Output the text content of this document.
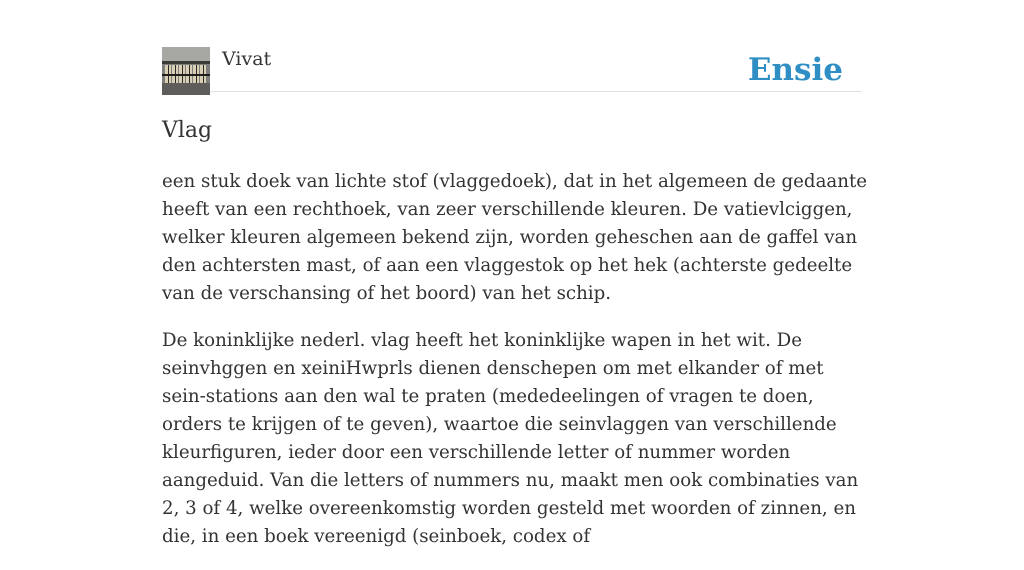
Vivat	Ensie
Vlag

een stuk doek van lichte stof (vlaggedoek), dat in het algemeen de gedaante heeft van een rechthoek, van zeer verschillende kleuren. De vatievlciggen, welker kleuren algemeen bekend zijn, worden geheschen aan de gaffel van den achtersten mast, of aan een vlaggestok op het hek (achterste gedeelte van de verschansing of het boord) van het schip.

De koninklijke nederl. vlag heeft het koninklijke wapen in het wit. De seinvhggen en xeiniHwprls dienen denschepen om met elkander of met sein-stations aan den wal te praten (mededeelingen of vragen te doen, orders te krijgen of te geven), waartoe die seinvlaggen van verschillende kleurfiguren, ieder door een verschillende letter of nummer worden aangeduid. Van die letters of nummers nu, maakt men ook combinaties van 2, 3 of 4, welke overeenkomstig worden gesteld met woorden of zinnen, en die, in een boek vereenigd (seinboek, codex of
